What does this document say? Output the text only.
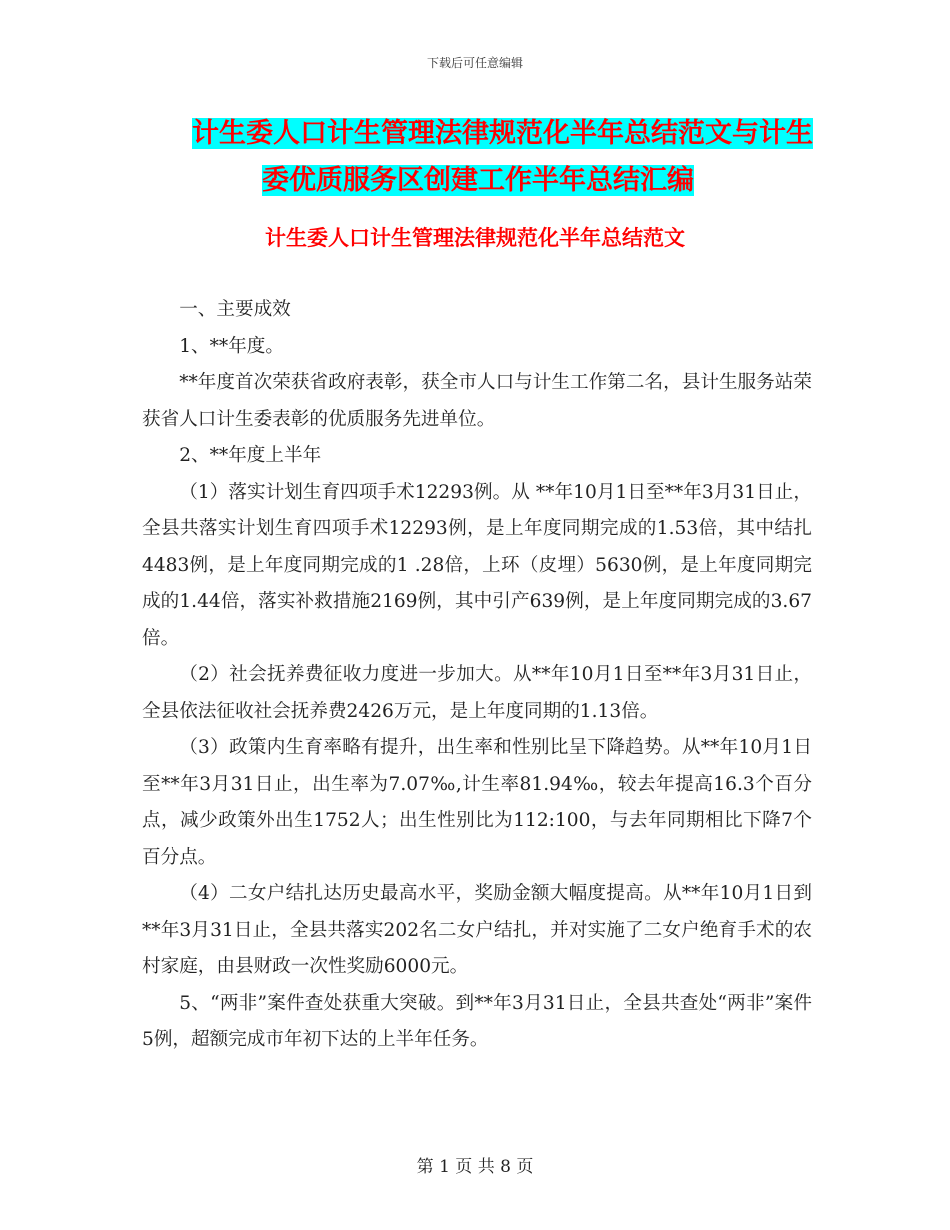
下载后可任意编辑
计生委人口计生管理法律规范化半年总结范文与计生
委优质服务区创建工作半年总结汇编
计生委人口计生管理法律规范化半年总结范文

一、主要成效

1、**年度。

**年度首次荣获省政府表彰，获全市人口与计生工作第二名，县计生服务站荣获省人口计生委表彰的优质服务先进单位。

2、**年度上半年

（1）落实计划生育四项手术12293例。从 **年10月1日至**年3月31日止，全县共落实计划生育四项手术12293例，是上年度同期完成的1.53倍，其中结扎4483例，是上年度同期完成的1 .28倍，上环（皮埋）5630例，是上年度同期完成的1.44倍，落实补救措施2169例，其中引产639例，是上年度同期完成的3.67倍。

（2）社会抚养费征收力度进一步加大。从**年10月1日至**年3月31日止，全县依法征收社会抚养费2426万元，是上年度同期的1.13倍。

（3）政策内生育率略有提升，出生率和性别比呈下降趋势。从**年10月1日至**年3月31日止，出生率为7.07‰,计生率81.94‰，较去年提高16.3个百分点，减少政策外出生1752人；出生性别比为112:100，与去年同期相比下降7个百分点。

（4）二女户结扎达历史最高水平，奖励金额大幅度提高。从**年10月1日到**年3月31日止，全县共落实202名二女户结扎，并对实施了二女户绝育手术的农村家庭，由县财政一次性奖励6000元。

5、“两非”案件查处获重大突破。到**年3月31日止，全县共查处“两非”案件5例，超额完成市年初下达的上半年任务。

第 1 页 共 8 页
